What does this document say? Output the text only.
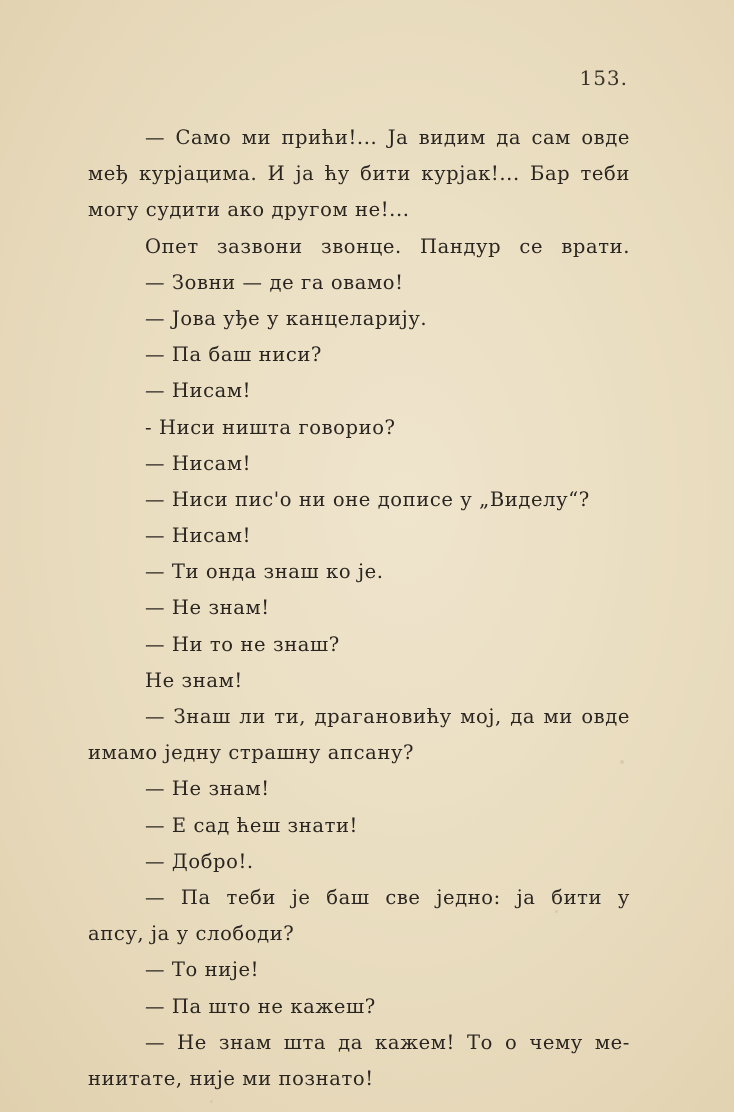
153.
— Само ми прићи!... Ја видим да сам овде
међ курјацима. И ја ћу бити курјак!... Бар теби
могу судити ако другом не!...
Опет зазвони звонце. Пандур се врати.
— Зовни — де га овамо!
— Јова уђе у канцеларију.
— Па баш ниси?
— Нисам!
- Ниси ништа говорио?
— Нисам!
— Ниси пис'о ни оне дописе у „Виделу“?
— Нисам!
— Ти онда знаш ко је.
— Не знам!
— Ни то не знаш?
Не знам!
— Знаш ли ти, драгановићу мој, да ми овде
имамо једну страшну апсану?
— Не знам!
— Е сад ћеш знати!
— Добро!.
— Па теби је баш све једно: ја бити у
апсу, ја у слободи?
— То није!
— Па што не кажеш?
— Не знам шта да кажем! То о чему ме-
ниитате, није ми познато!
